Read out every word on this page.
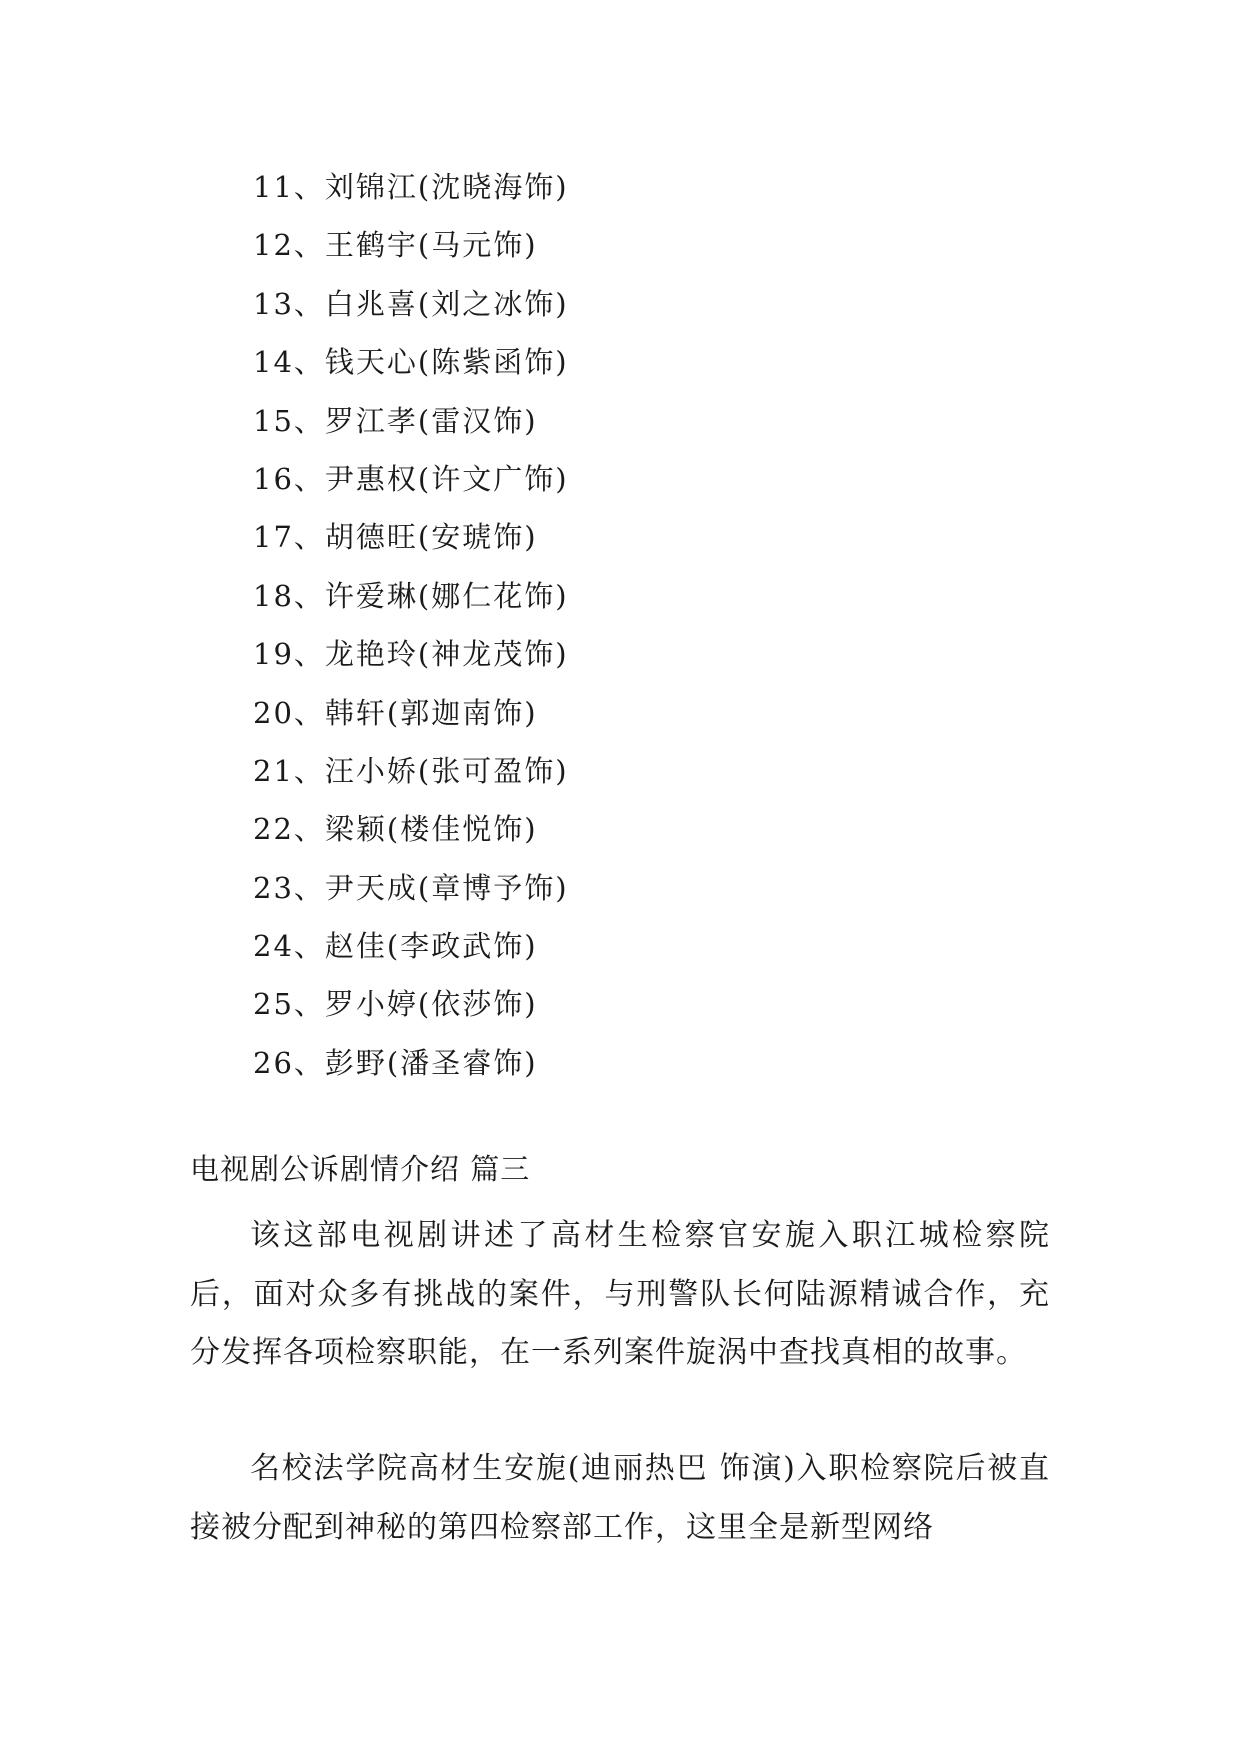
11、刘锦江(沈晓海饰)
12、王鹤宇(马元饰)
13、白兆喜(刘之冰饰)
14、钱天心(陈紫函饰)
15、罗江孝(雷汉饰)
16、尹惠权(许文广饰)
17、胡德旺(安琥饰)
18、许爱琳(娜仁花饰)
19、龙艳玲(神龙茂饰)
20、韩轩(郭迦南饰)
21、汪小娇(张可盈饰)
22、梁颖(楼佳悦饰)
23、尹天成(章博予饰)
24、赵佳(李政武饰)
25、罗小婷(依莎饰)
26、彭野(潘圣睿饰)
电视剧公诉剧情介绍 篇三

该这部电视剧讲述了高材生检察官安旎入职江城检察院后，面对众多有挑战的案件，与刑警队长何陆源精诚合作，充分发挥各项检察职能，在一系列案件旋涡中查找真相的故事。

名校法学院高材生安旎(迪丽热巴 饰演)入职检察院后被直接被分配到神秘的第四检察部工作，这里全是新型网络
